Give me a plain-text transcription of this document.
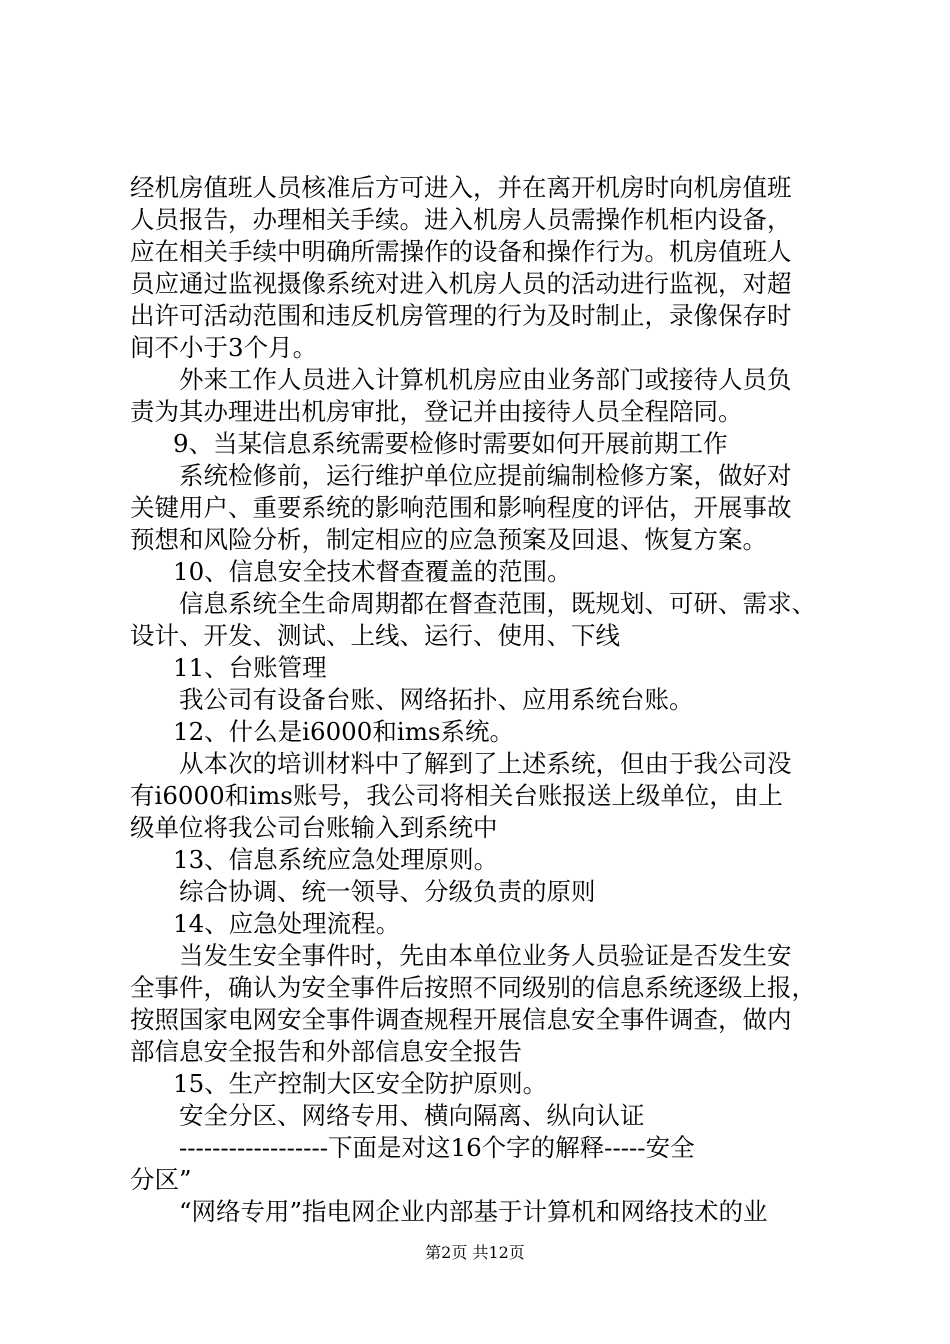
经机房值班人员核准后方可进入，并在离开机房时向机房值班
人员报告，办理相关手续。进入机房人员需操作机柜内设备，
应在相关手续中明确所需操作的设备和操作行为。机房值班人
员应通过监视摄像系统对进入机房人员的活动进行监视，对超
出许可活动范围和违反机房管理的行为及时制止，录像保存时
间不小于3个月。
外来工作人员进入计算机机房应由业务部门或接待人员负
责为其办理进出机房审批，登记并由接待人员全程陪同。
9、当某信息系统需要检修时需要如何开展前期工作
系统检修前，运行维护单位应提前编制检修方案，做好对
关键用户、重要系统的影响范围和影响程度的评估，开展事故
预想和风险分析，制定相应的应急预案及回退、恢复方案。
10、信息安全技术督查覆盖的范围。
信息系统全生命周期都在督查范围，既规划、可研、需求、
设计、开发、测试、上线、运行、使用、下线
11、台账管理
我公司有设备台账、网络拓扑、应用系统台账。
12、什么是i6000和ims系统。
从本次的培训材料中了解到了上述系统，但由于我公司没
有i6000和ims账号，我公司将相关台账报送上级单位，由上
级单位将我公司台账输入到系统中
13、信息系统应急处理原则。
综合协调、统一领导、分级负责的原则
14、应急处理流程。
当发生安全事件时，先由本单位业务人员验证是否发生安
全事件，确认为安全事件后按照不同级别的信息系统逐级上报，
按照国家电网安全事件调查规程开展信息安全事件调查，做内
部信息安全报告和外部信息安全报告
15、生产控制大区安全防护原则。
安全分区、网络专用、横向隔离、纵向认证
------------------下面是对这16个字的解释-----安全
分区”
“网络专用”指电网企业内部基于计算机和网络技术的业
第2页 共12页
